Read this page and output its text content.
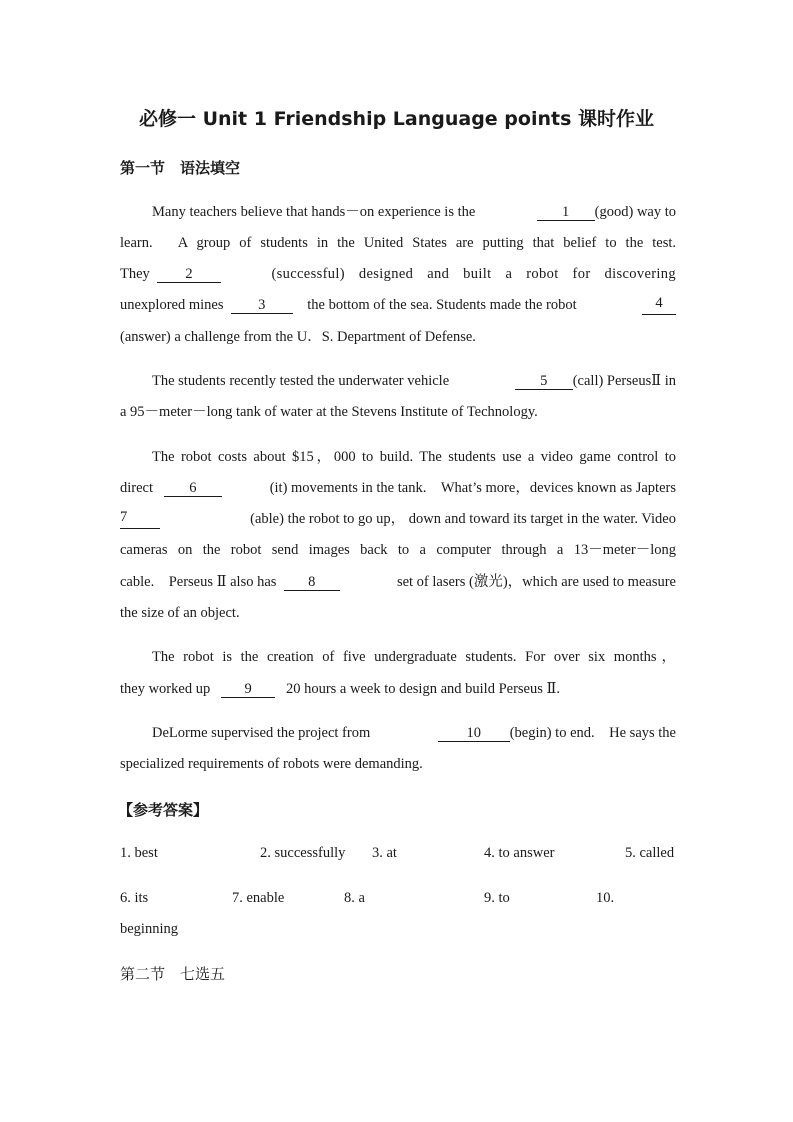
必修一 Unit 1 Friendship Language points 课时作业
第一节　语法填空
Many teachers believe that hands－on experience is the	1 (good) way to
learn.　A group of students in the United States are putting that belief to the test.
They 2	(successful) designed and built a robot for discovering
unexplored mines 3	the bottom of the sea. Students made the robot	4
(answer) a challenge from the U．S. Department of Defense.
The students recently tested the underwater vehicle	5 (call) PerseusⅡ in
a 95－meter－long tank of water at the Stevens Institute of Technology.
The robot costs about $15，000 to build. The students use a video game control to
direct	6	(it) movements in the tank.　What’s more，devices known as Japters
7	(able) the robot to go up， down and toward its target in the water. Video
cameras on the robot send images back to a computer through a 13－meter－long
cable.　Perseus Ⅱ also has 8	set of lasers (激光)，which are used to measure
the size of an object.
The robot is the creation of five undergraduate students. For over six months，
they worked up 9 20 hours a week to design and build Perseus Ⅱ.
DeLorme supervised the project from	10 (begin) to end.　He says the
specialized requirements of robots were demanding.
【参考答案】
1. best	2. successfully 3. at	4. to answer	5. called
6. its	7. enable	8. a	9. to	10.
beginning
第二节　七选五
